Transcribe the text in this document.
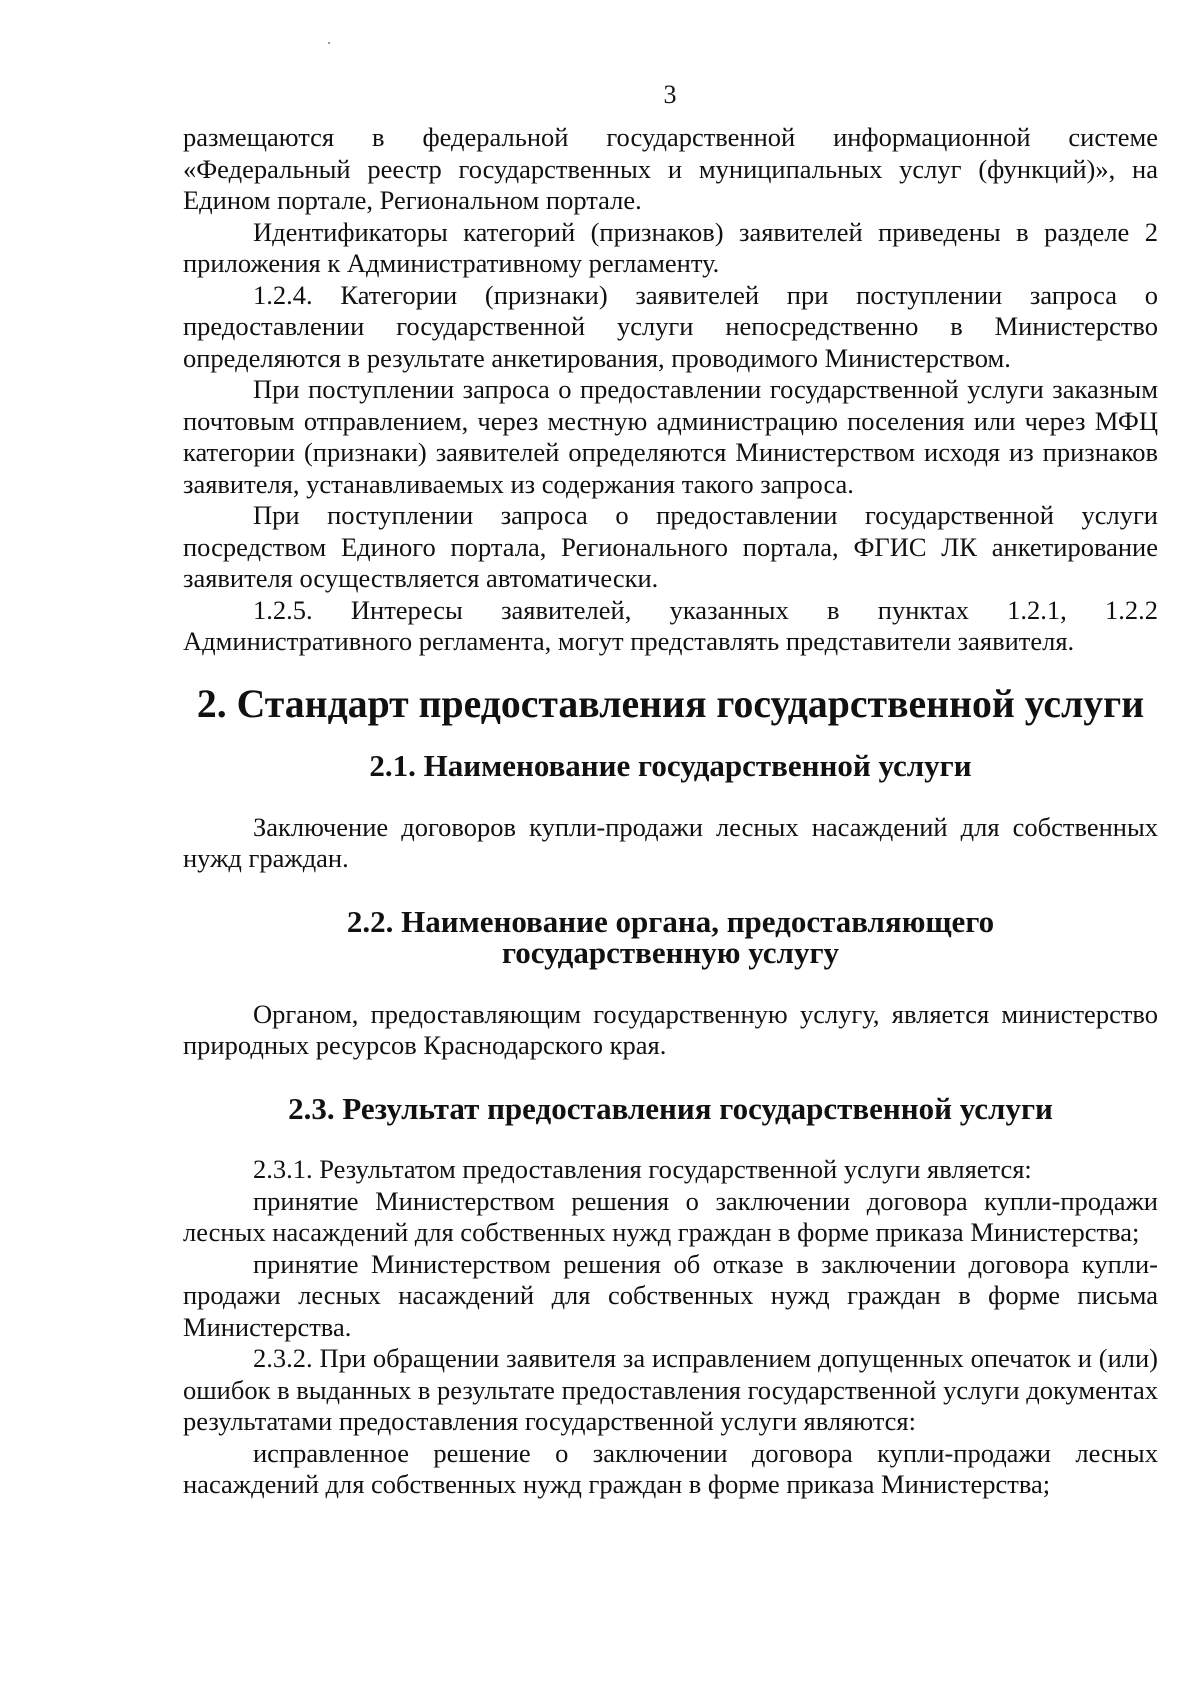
3

размещаются в федеральной государственной информационной системе «Федеральный реестр государственных и муниципальных услуг (функций)», на Едином портале, Региональном портале.

Идентификаторы категорий (признаков) заявителей приведены в разделе 2 приложения к Административному регламенту.

1.2.4. Категории (признаки) заявителей при поступлении запроса о предоставлении государственной услуги непосредственно в Министерство определяются в результате анкетирования, проводимого Министерством.

При поступлении запроса о предоставлении государственной услуги заказным почтовым отправлением, через местную администрацию поселения или через МФЦ категории (признаки) заявителей определяются Министерством исходя из признаков заявителя, устанавливаемых из содержания такого запроса.

При поступлении запроса о предоставлении государственной услуги посредством Единого портала, Регионального портала, ФГИС ЛК анкетирование заявителя осуществляется автоматически.

1.2.5. Интересы заявителей, указанных в пунктах 1.2.1, 1.2.2 Административного регламента, могут представлять представители заявителя.

2. Стандарт предоставления государственной услуги
2.1. Наименование государственной услуги

Заключение договоров купли-продажи лесных насаждений для собственных нужд граждан.

2.2. Наименование органа, предоставляющего
государственную услугу

Органом, предоставляющим государственную услугу, является министерство природных ресурсов Краснодарского края.

2.3. Результат предоставления государственной услуги

2.3.1. Результатом предоставления государственной услуги является:

принятие Министерством решения о заключении договора купли-продажи лесных насаждений для собственных нужд граждан в форме приказа Министерства;

принятие Министерством решения об отказе в заключении договора купли-продажи лесных насаждений для собственных нужд граждан в форме письма Министерства.

2.3.2. При обращении заявителя за исправлением допущенных опечаток и (или) ошибок в выданных в результате предоставления государственной услуги документах результатами предоставления государственной услуги являются:

исправленное решение о заключении договора купли-продажи лесных насаждений для собственных нужд граждан в форме приказа Министерства;
